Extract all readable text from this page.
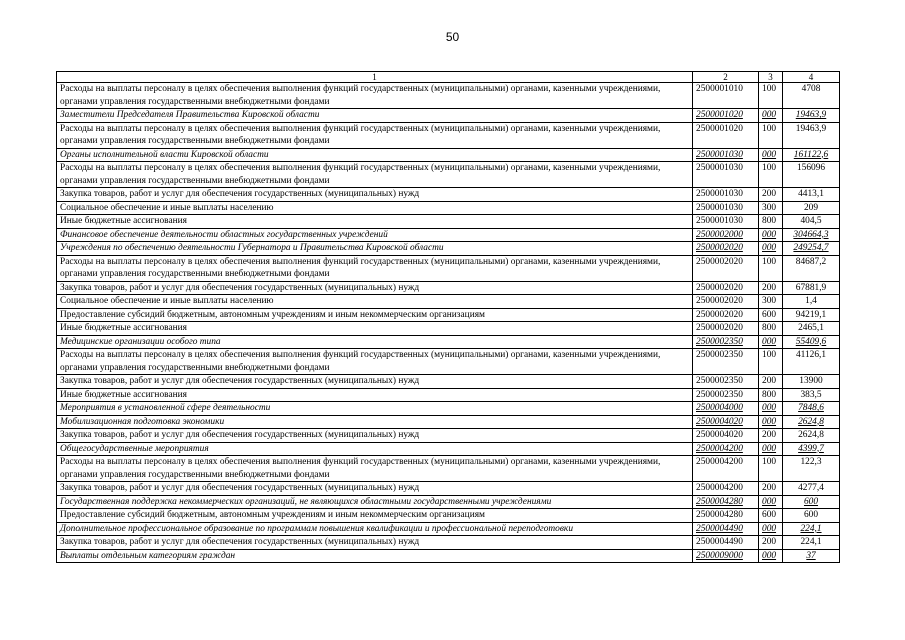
50
1	2	3	4
Расходы на выплаты персоналу в целях обеспечения выполнения функций государственных (муниципальными) органами, казенными учреждениями, органами управления государственными внебюджетными фондами	2500001010	100	4708
Заместители Председателя Правительства Кировской области	2500001020	000	19463,9
Расходы на выплаты персоналу в целях обеспечения выполнения функций государственных (муниципальными) органами, казенными учреждениями, органами управления государственными внебюджетными фондами	2500001020	100	19463,9
Органы исполнительной власти Кировской области	2500001030	000	161122,6
Расходы на выплаты персоналу в целях обеспечения выполнения функций государственных (муниципальными) органами, казенными учреждениями, органами управления государственными внебюджетными фондами	2500001030	100	156096
Закупка товаров, работ и услуг для обеспечения государственных (муниципальных) нужд	2500001030	200	4413,1
Социальное обеспечение и иные выплаты населению	2500001030	300	209
Иные бюджетные ассигнования	2500001030	800	404,5
Финансовое обеспечение деятельности областных государственных учреждений	2500002000	000	304664,3
Учреждения по обеспечению деятельности Губернатора и Правительства Кировской области	2500002020	000	249254,7
Расходы на выплаты персоналу в целях обеспечения выполнения функций государственных (муниципальными) органами, казенными учреждениями, органами управления государственными внебюджетными фондами	2500002020	100	84687,2
Закупка товаров, работ и услуг для обеспечения государственных (муниципальных) нужд	2500002020	200	67881,9
Социальное обеспечение и иные выплаты населению	2500002020	300	1,4
Предоставление субсидий бюджетным, автономным учреждениям и иным некоммерческим организациям	2500002020	600	94219,1
Иные бюджетные ассигнования	2500002020	800	2465,1
Медицинские организации особого типа	2500002350	000	55409,6
Расходы на выплаты персоналу в целях обеспечения выполнения функций государственных (муниципальными) органами, казенными учреждениями, органами управления государственными внебюджетными фондами	2500002350	100	41126,1
Закупка товаров, работ и услуг для обеспечения государственных (муниципальных) нужд	2500002350	200	13900
Иные бюджетные ассигнования	2500002350	800	383,5
Мероприятия в установленной сфере деятельности	2500004000	000	7848,6
Мобилизационная подготовка экономики	2500004020	000	2624,8
Закупка товаров, работ и услуг для обеспечения государственных (муниципальных) нужд	2500004020	200	2624,8
Общегосударственные мероприятия	2500004200	000	4399,7
Расходы на выплаты персоналу в целях обеспечения выполнения функций государственных (муниципальными) органами, казенными учреждениями, органами управления государственными внебюджетными фондами	2500004200	100	122,3
Закупка товаров, работ и услуг для обеспечения государственных (муниципальных) нужд	2500004200	200	4277,4
Государственная поддержка некоммерческих организаций, не являющихся областными государственными учреждениями	2500004280	000	600
Предоставление субсидий бюджетным, автономным учреждениям и иным некоммерческим организациям	2500004280	600	600
Дополнительное профессиональное образование по программам повышения квалификации и профессиональной переподготовки	2500004490	000	224,1
Закупка товаров, работ и услуг для обеспечения государственных (муниципальных) нужд	2500004490	200	224,1
Выплаты отдельным категориям граждан	2500009000	000	37
